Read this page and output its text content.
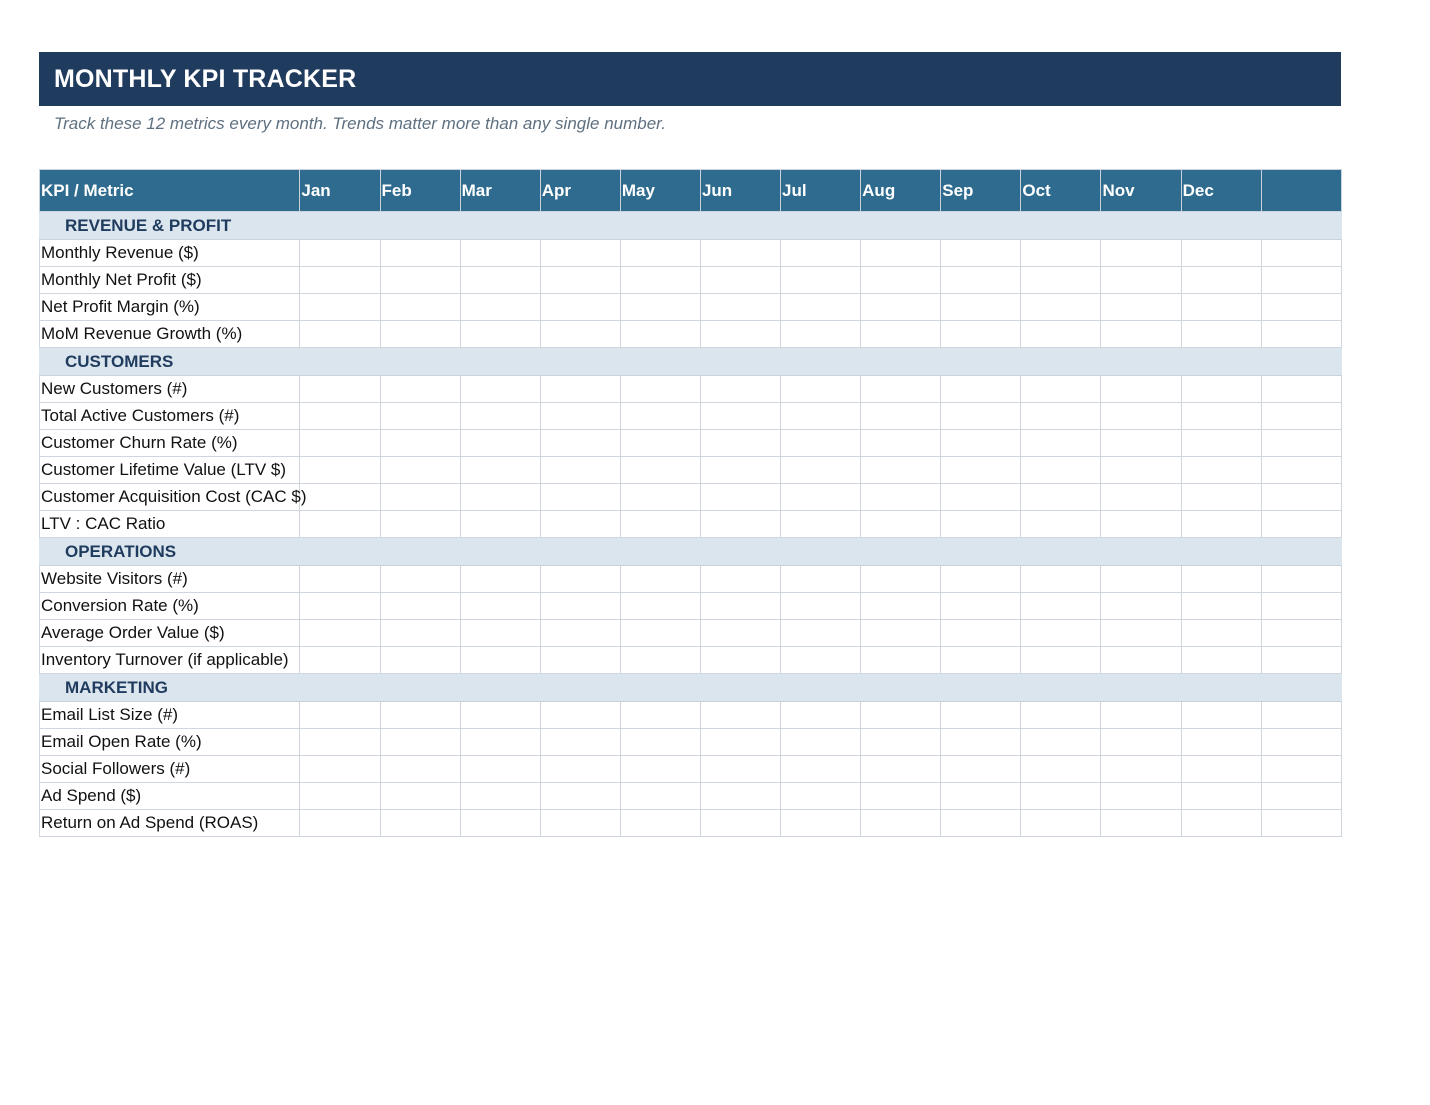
MONTHLY KPI TRACKER
Track these 12 metrics every month. Trends matter more than any single number.
KPI / Metric	Jan	Feb	Mar	Apr	May	Jun	Jul	Aug	Sep	Oct	Nov	Dec	
REVENUE & PROFIT													
Monthly Revenue ($)													
Monthly Net Profit ($)													
Net Profit Margin (%)													
MoM Revenue Growth (%)													
CUSTOMERS													
New Customers (#)													
Total Active Customers (#)													
Customer Churn Rate (%)													
Customer Lifetime Value (LTV $)													
Customer Acquisition Cost (CAC $)													
LTV : CAC Ratio													
OPERATIONS													
Website Visitors (#)													
Conversion Rate (%)													
Average Order Value ($)													
Inventory Turnover (if applicable)													
MARKETING													
Email List Size (#)													
Email Open Rate (%)													
Social Followers (#)													
Ad Spend ($)													
Return on Ad Spend (ROAS)													
